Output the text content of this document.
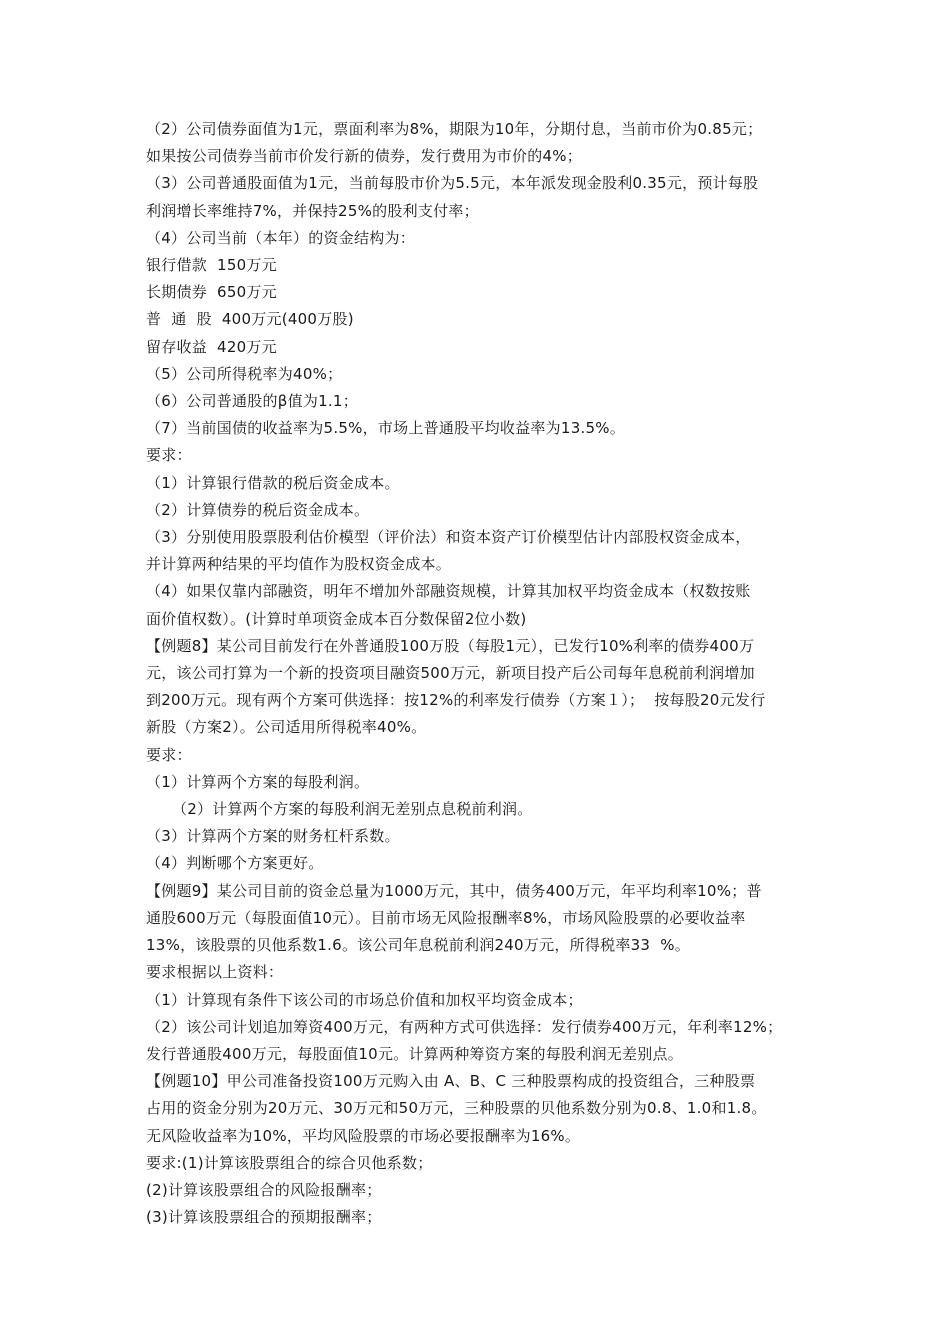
（2）公司债券面值为1元，票面利率为8%，期限为10年，分期付息，当前市价为0.85元；
如果按公司债券当前市价发行新的债券，发行费用为市价的4%；
（3）公司普通股面值为1元，当前每股市价为5.5元，本年派发现金股利0.35元，预计每股
利润增长率维持7%，并保持25%的股利支付率；
（4）公司当前（本年）的资金结构为：
银行借款  150万元
长期债券  650万元
普  通  股  400万元(400万股)
留存收益  420万元
（5）公司所得税率为40%；
（6）公司普通股的β值为1.1；
（7）当前国债的收益率为5.5%，市场上普通股平均收益率为13.5%。
要求：
（1）计算银行借款的税后资金成本。
（2）计算债券的税后资金成本。
（3）分别使用股票股利估价模型（评价法）和资本资产订价模型估计内部股权资金成本，
并计算两种结果的平均值作为股权资金成本。
（4）如果仅靠内部融资，明年不增加外部融资规模，计算其加权平均资金成本（权数按账
面价值权数）。(计算时单项资金成本百分数保留2位小数)
【例题8】某公司目前发行在外普通股100万股（每股1元），已发行10%利率的债券400万
元，该公司打算为一个新的投资项目融资500万元，新项目投产后公司每年息税前利润增加
到200万元。现有两个方案可供选择：按12%的利率发行债券（方案１）；  按每股20元发行
新股（方案2）。公司适用所得税率40%。
要求：
（1）计算两个方案的每股利润。
（2）计算两个方案的每股利润无差别点息税前利润。
（3）计算两个方案的财务杠杆系数。
（4）判断哪个方案更好。
【例题9】某公司目前的资金总量为1000万元，其中，债务400万元，年平均利率10%；普
通股600万元（每股面值10元）。目前市场无风险报酬率8%，市场风险股票的必要收益率
13%，该股票的贝他系数1.6。该公司年息税前利润240万元，所得税率33  %。
要求根据以上资料：
（1）计算现有条件下该公司的市场总价值和加权平均资金成本；
（2）该公司计划追加筹资400万元，有两种方式可供选择：发行债券400万元，年利率12%；
发行普通股400万元，每股面值10元。计算两种筹资方案的每股利润无差别点。
【例题10】甲公司准备投资100万元购入由 A、B、C 三种股票构成的投资组合，三种股票
占用的资金分别为20万元、30万元和50万元，三种股票的贝他系数分别为0.8、1.0和1.8。
无风险收益率为10%，平均风险股票的市场必要报酬率为16%。
要求:(1)计算该股票组合的综合贝他系数；
(2)计算该股票组合的风险报酬率；
(3)计算该股票组合的预期报酬率；
